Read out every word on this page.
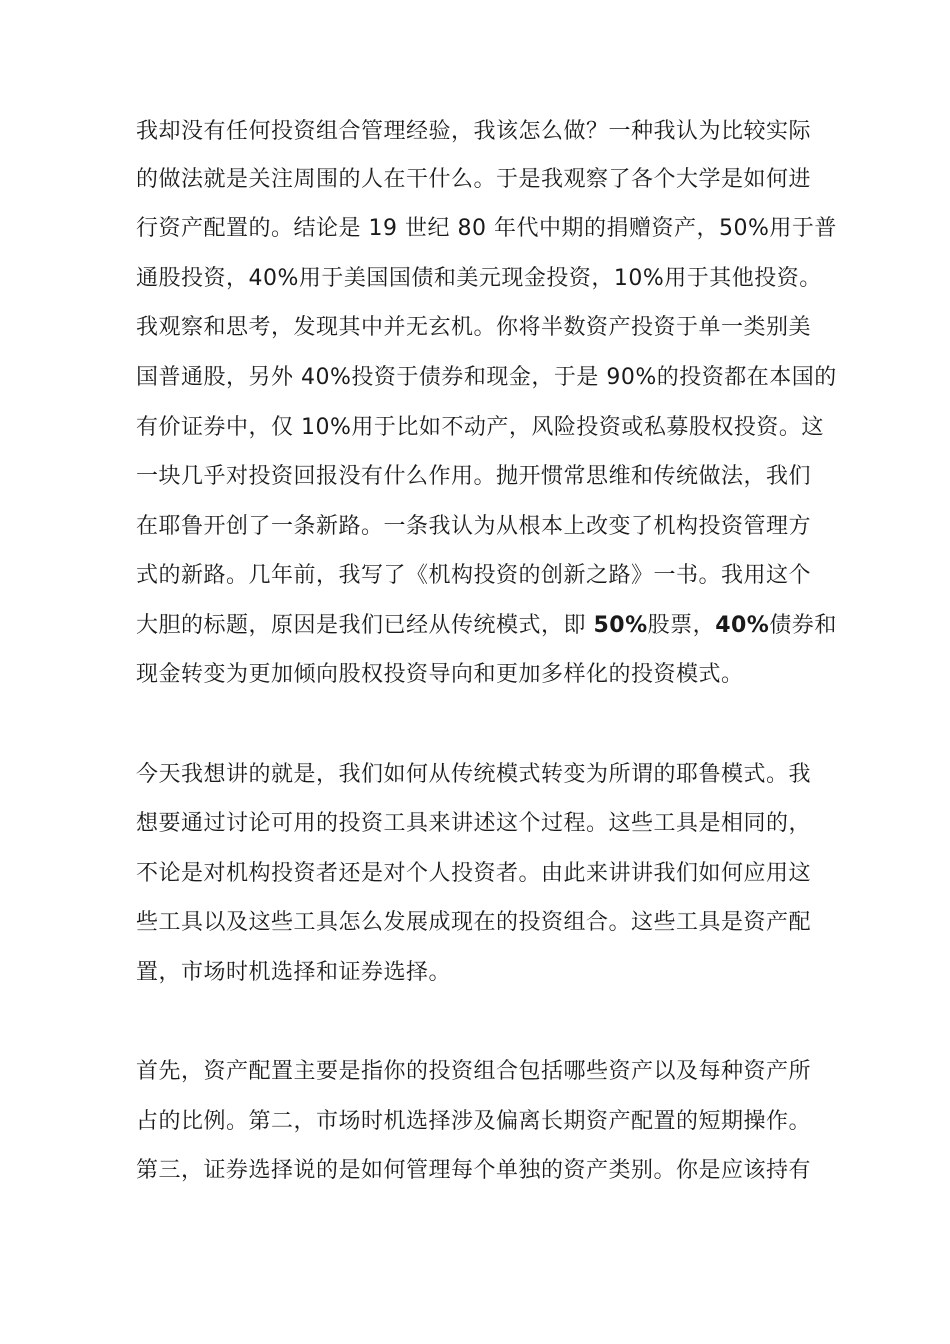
我却没有任何投资组合管理经验，我该怎么做？一种我认为比较实际
的做法就是关注周围的人在干什么。于是我观察了各个大学是如何进
行资产配置的。结论是 19 世纪 80 年代中期的捐赠资产，50%用于普
通股投资，40%用于美国国债和美元现金投资，10%用于其他投资。
我观察和思考，发现其中并无玄机。你将半数资产投资于单一类别美
国普通股，另外 40%投资于债券和现金，于是 90%的投资都在本国的
有价证券中，仅 10%用于比如不动产，风险投资或私募股权投资。这
一块几乎对投资回报没有什么作用。抛开惯常思维和传统做法，我们
在耶鲁开创了一条新路。一条我认为从根本上改变了机构投资管理方
式的新路。几年前，我写了《机构投资的创新之路》一书。我用这个
大胆的标题，原因是我们已经从传统模式，即 50%股票，40%债券和
现金转变为更加倾向股权投资导向和更加多样化的投资模式。
今天我想讲的就是，我们如何从传统模式转变为所谓的耶鲁模式。我
想要通过讨论可用的投资工具来讲述这个过程。这些工具是相同的，
不论是对机构投资者还是对个人投资者。由此来讲讲我们如何应用这
些工具以及这些工具怎么发展成现在的投资组合。这些工具是资产配
置，市场时机选择和证券选择。
首先，资产配置主要是指你的投资组合包括哪些资产以及每种资产所
占的比例。第二，市场时机选择涉及偏离长期资产配置的短期操作。
第三，证券选择说的是如何管理每个单独的资产类别。你是应该持有
